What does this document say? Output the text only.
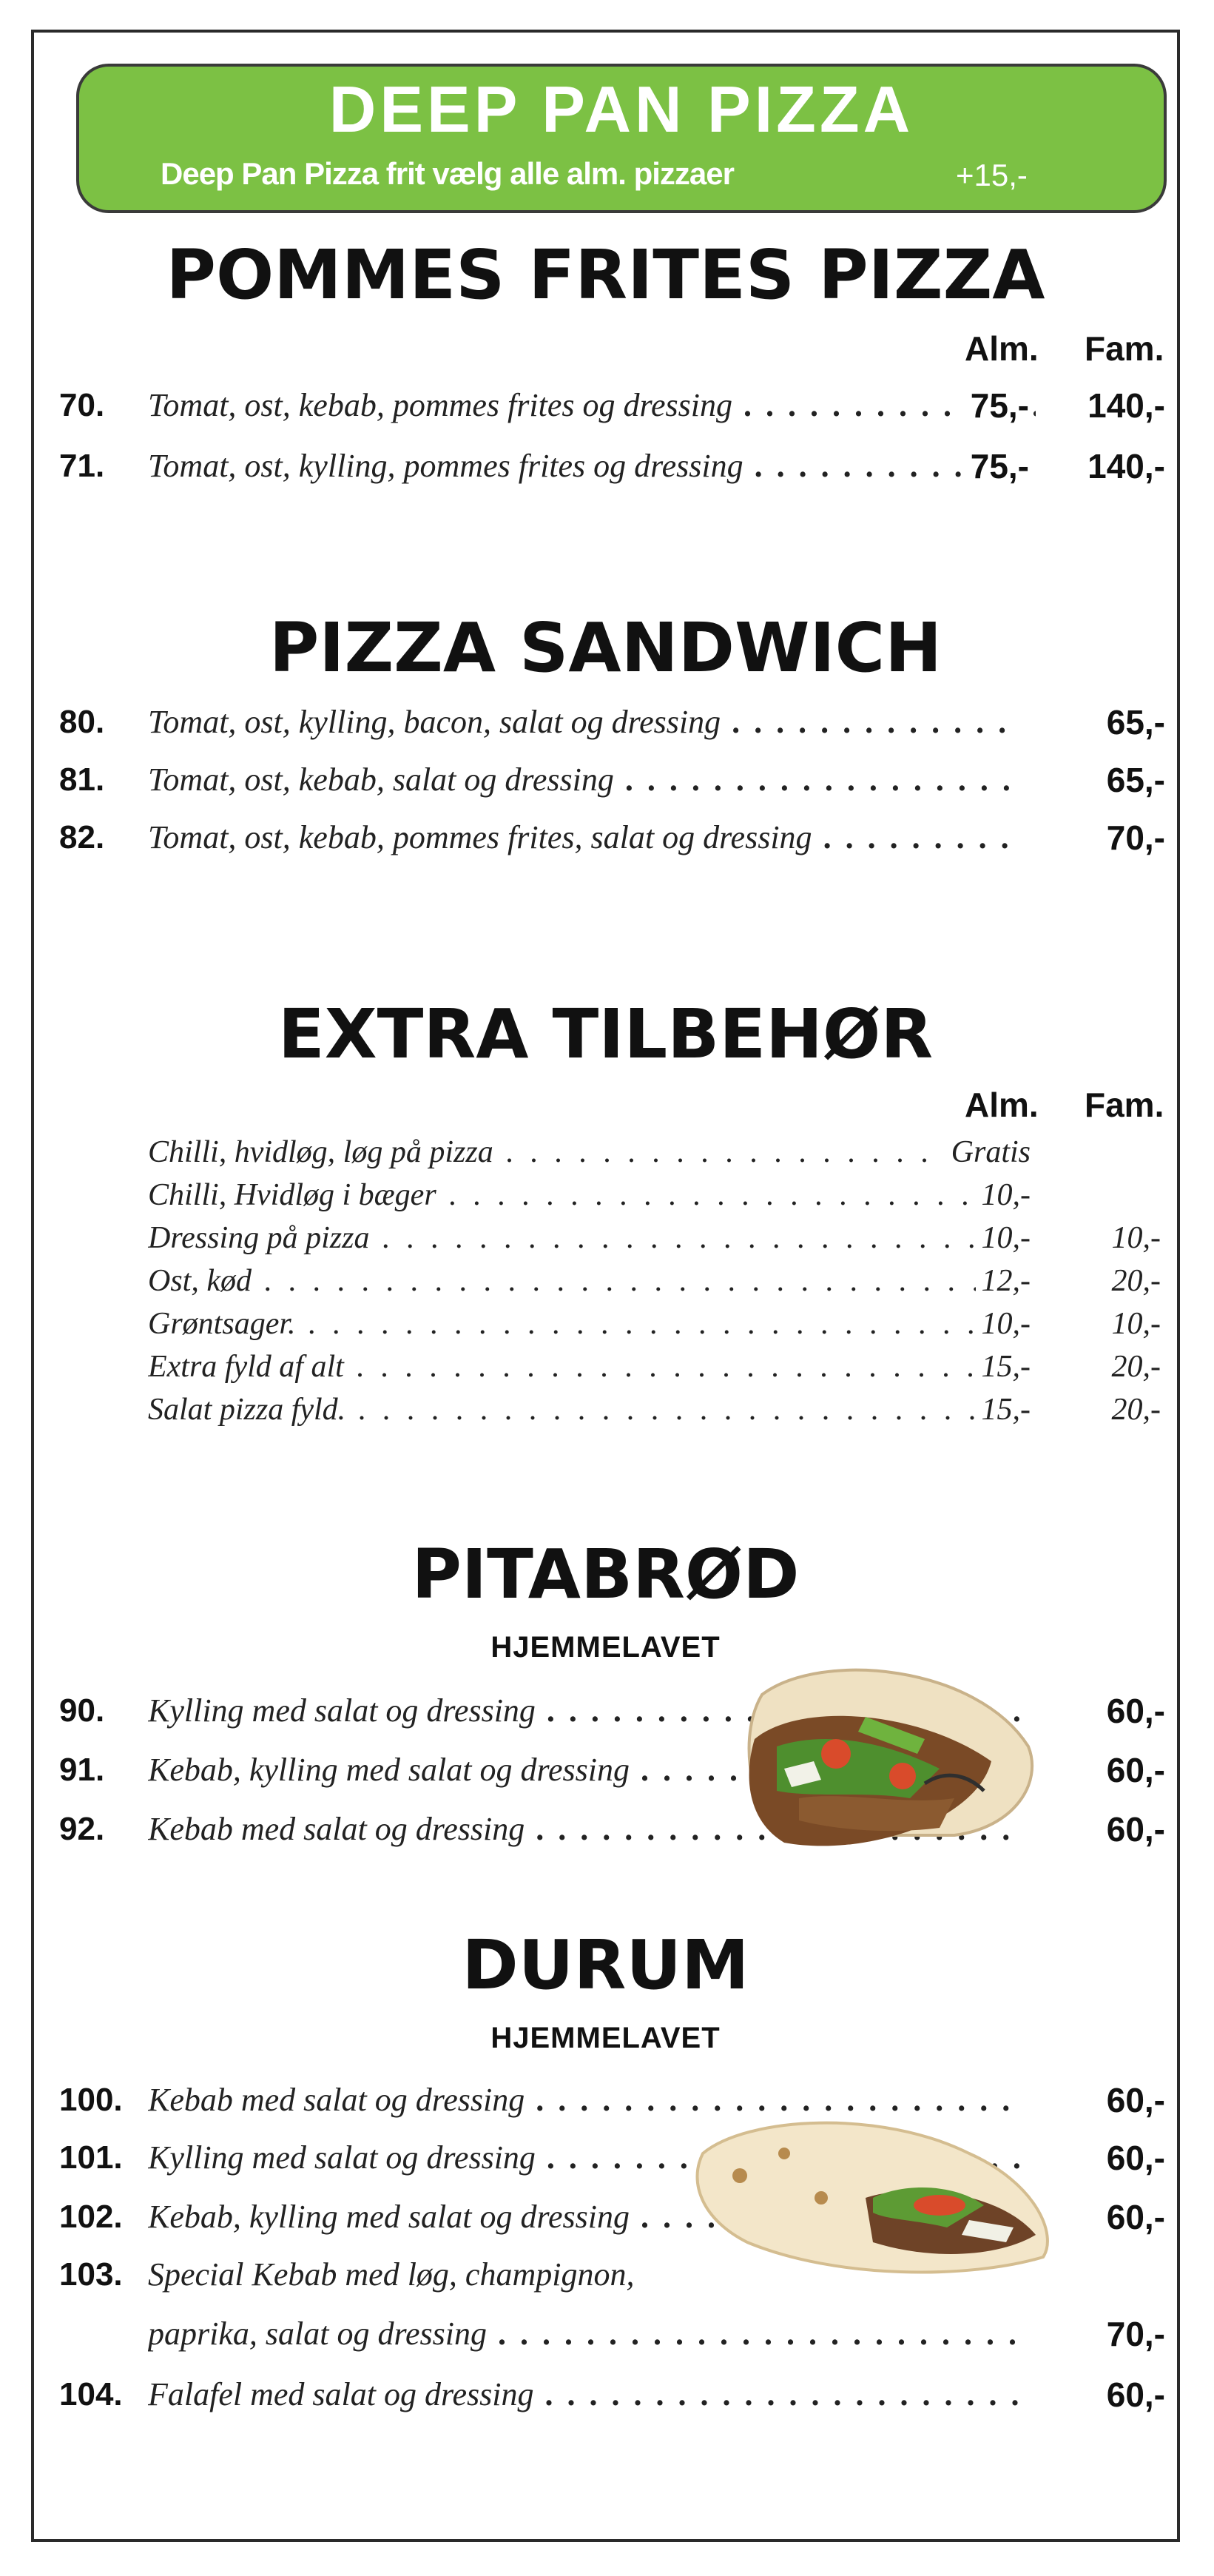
DEEP PAN PIZZA
Deep Pan Pizza frit vælg alle alm. pizzaer	+15,-
POMMES FRITES PIZZA
Alm. Fam.
70. Tomat, ost, kebab, pommes frites og dressing . . .	75,- 140,-
71. Tomat, ost, kylling, pommes frites og dressing . . .	75,- 140,-
PIZZA SANDWICH
80. Tomat, ost, kylling, bacon, salat og dressing . . .	65,-
81. Tomat, ost, kebab, salat og dressing . . .	65,-
82. Tomat, ost, kebab, pommes frites, salat og dressing . . .	70,-
EXTRA TILBEHØR
Alm. Fam.
Chilli, hvidløg, løg på pizza . . .	Gratis
Chilli, Hvidløg i bæger . . .	10,-
Dressing på pizza . . .	10,-	10,-
Ost, kød . . .	12,-	20,-
Grøntsager. . . .	10,-	10,-
Extra fyld af alt . . .	15,-	20,-
Salat pizza fyld. . . .	15,-	20,-
PITABRØD
HJEMMELAVET
90. Kylling med salat og dressing . . .	60,-
91. Kebab, kylling med salat og dressing . . .	60,-
92. Kebab med salat og dressing . . .	60,-
DURUM
HJEMMELAVET
100. Kebab med salat og dressing . . .	60,-
101. Kylling med salat og dressing . . .	60,-
102. Kebab, kylling med salat og dressing . . .	60,-
103. Special Kebab med løg, champignon,
paprika, salat og dressing . . .	70,-
104. Falafel med salat og dressing . . .	60,-
